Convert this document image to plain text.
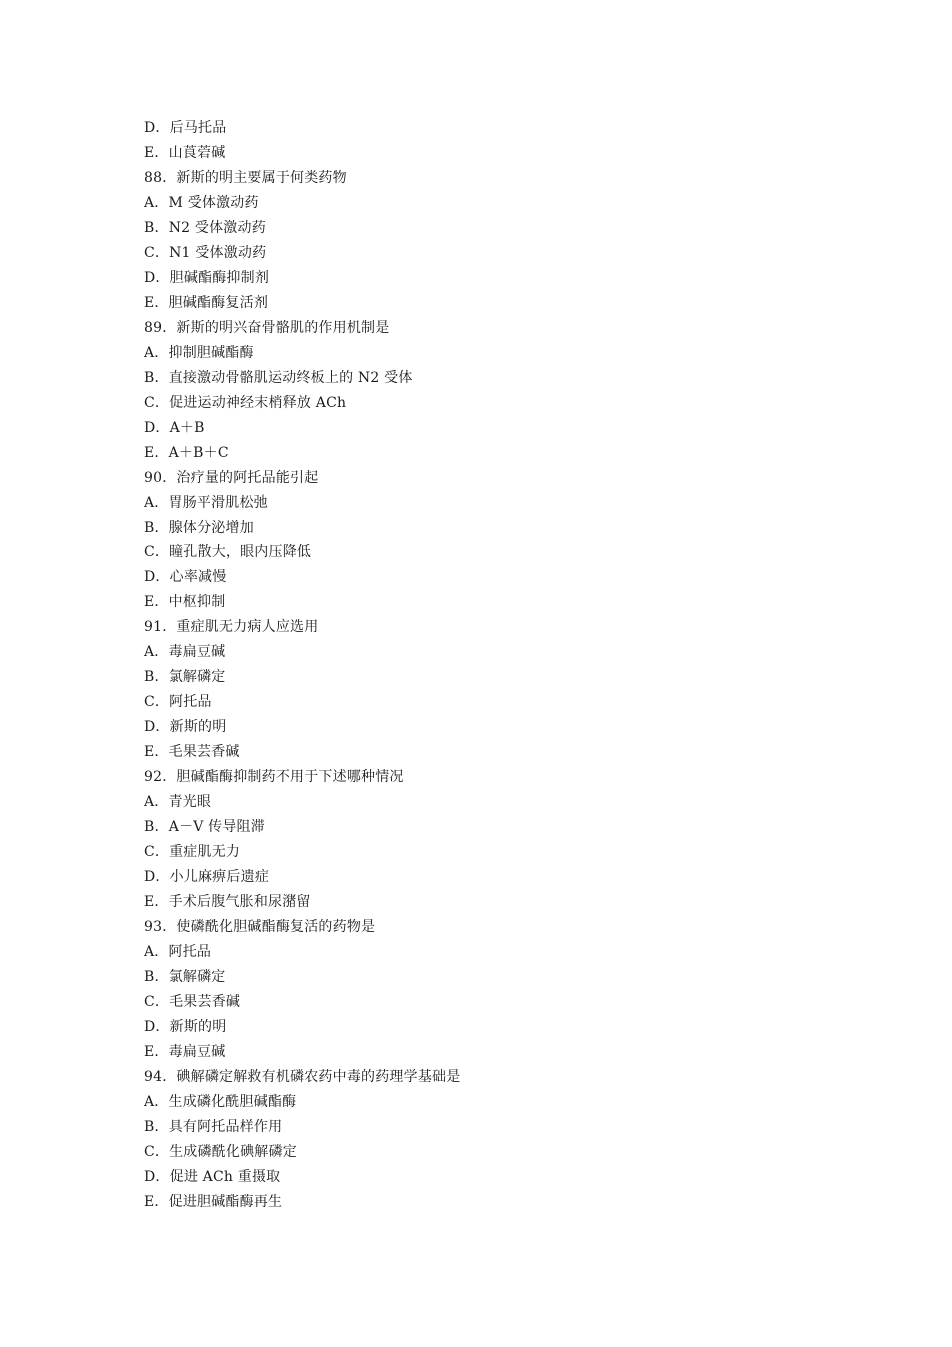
D．后马托品
E．山莨菪碱
88．新斯的明主要属于何类药物
A．M 受体激动药
B．N2 受体激动药
C．N1 受体激动药
D．胆碱酯酶抑制剂
E．胆碱酯酶复活剂
89．新斯的明兴奋骨骼肌的作用机制是
A．抑制胆碱酯酶
B．直接激动骨骼肌运动终板上的 N2 受体
C．促进运动神经末梢释放 ACh
D．A＋B
E．A＋B＋C
90．治疗量的阿托品能引起
A．胃肠平滑肌松弛
B．腺体分泌增加
C．瞳孔散大，眼内压降低
D．心率减慢
E．中枢抑制
91．重症肌无力病人应选用
A．毒扁豆碱
B．氯解磷定
C．阿托品
D．新斯的明
E．毛果芸香碱
92．胆碱酯酶抑制药不用于下述哪种情况
A．青光眼
B．A－V 传导阻滞
C．重症肌无力
D．小儿麻痹后遗症
E．手术后腹气胀和尿潴留
93．使磷酰化胆碱酯酶复活的药物是
A．阿托品
B．氯解磷定
C．毛果芸香碱
D．新斯的明
E．毒扁豆碱
94．碘解磷定解救有机磷农药中毒的药理学基础是
A．生成磷化酰胆碱酯酶
B．具有阿托品样作用
C．生成磷酰化碘解磷定
D．促进 ACh 重摄取
E．促进胆碱酯酶再生
